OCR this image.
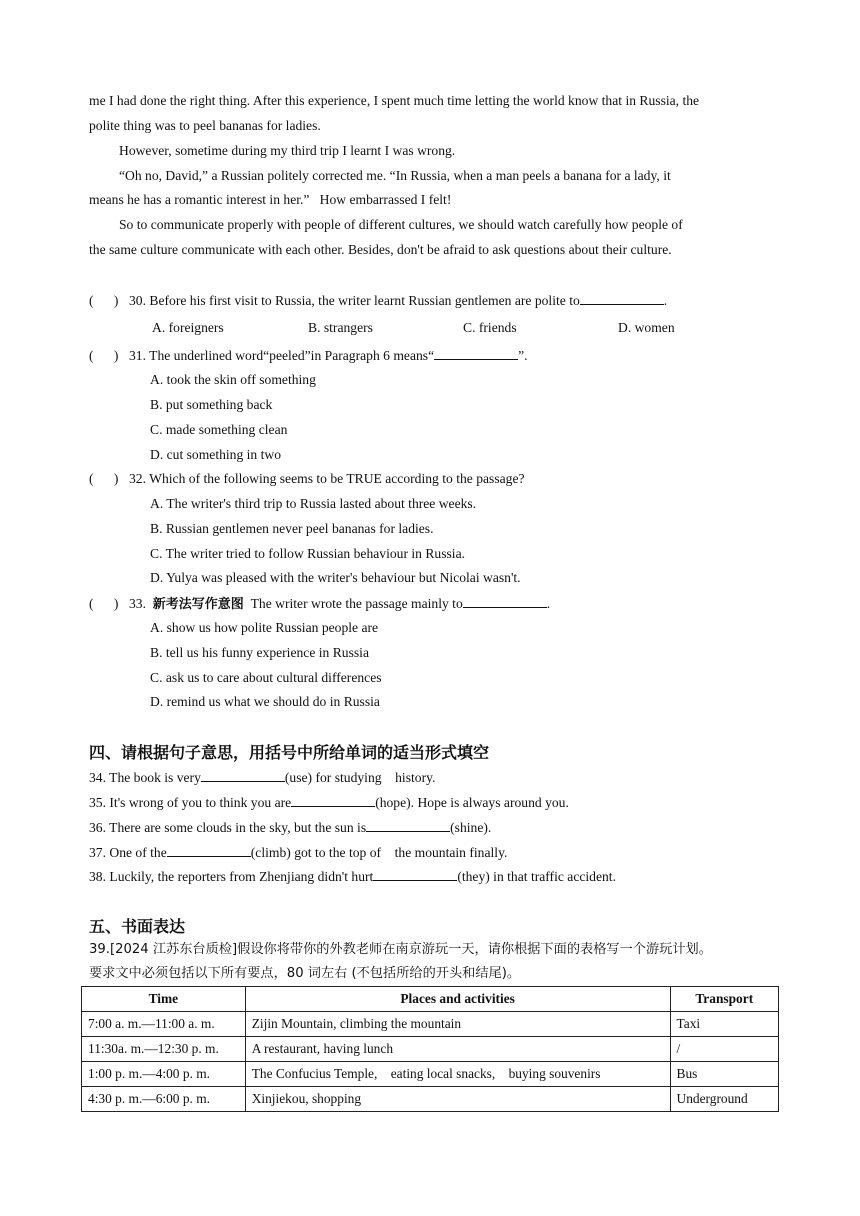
me I had done the right thing. After this experience, I spent much time letting the world know that in Russia, the
polite thing was to peel bananas for ladies.
However, sometime during my third trip I learnt I was wrong.
“Oh no, David,” a Russian politely corrected me. “In Russia, when a man peels a banana for a lady, it
means he has a romantic interest in her.”   How embarrassed I felt!
So to communicate properly with people of different cultures, we should watch carefully how people of
the same culture communicate with each other. Besides, don't be afraid to ask questions about their culture.
(      ) 30. Before his first visit to Russia, the writer learnt Russian gentlemen are polite to	.
A. foreigners	B. strangers	C. friends	D. women
(      ) 31. The underlined word“peeled”in Paragraph 6 means“	”.
A. took the skin off something
B. put something back
C. made something clean
D. cut something in two
(      ) 32. Which of the following seems to be TRUE according to the passage?
A. The writer's third trip to Russia lasted about three weeks.
B. Russian gentlemen never peel bananas for ladies.
C. The writer tried to follow Russian behaviour in Russia.
D. Yulya was pleased with the writer's behaviour but Nicolai wasn't.
(      ) 33. 新考法写作意图 The writer wrote the passage mainly to	.
A. show us how polite Russian people are
B. tell us his funny experience in Russia
C. ask us to care about cultural differences
D. remind us what we should do in Russia
四、请根据句子意思，用括号中所给单词的适当形式填空
34. The book is very	(use) for studying    history.
35. It's wrong of you to think you are	(hope). Hope is always around you.
36. There are some clouds in the sky, but the sun is	(shine).
37. One of the	(climb) got to the top of    the mountain finally.
38. Luckily, the reporters from Zhenjiang didn't hurt	(they) in that traffic accident.
五、书面表达
39.[2024 江苏东台质检]假设你将带你的外教老师在南京游玩一天，请你根据下面的表格写一个游玩计划。
要求文中必须包括以下所有要点，80 词左右 (不包括所给的开头和结尾)。
Time	Places and activities	Transport
7:00 a. m.—11:00 a. m.	Zijin Mountain, climbing the mountain	Taxi
11:30a. m.—12:30 p. m.	A restaurant, having lunch	/
1:00 p. m.—4:00 p. m.	The Confucius Temple,    eating local snacks,    buying souvenirs	Bus
4:30 p. m.—6:00 p. m.	Xinjiekou, shopping	Underground
